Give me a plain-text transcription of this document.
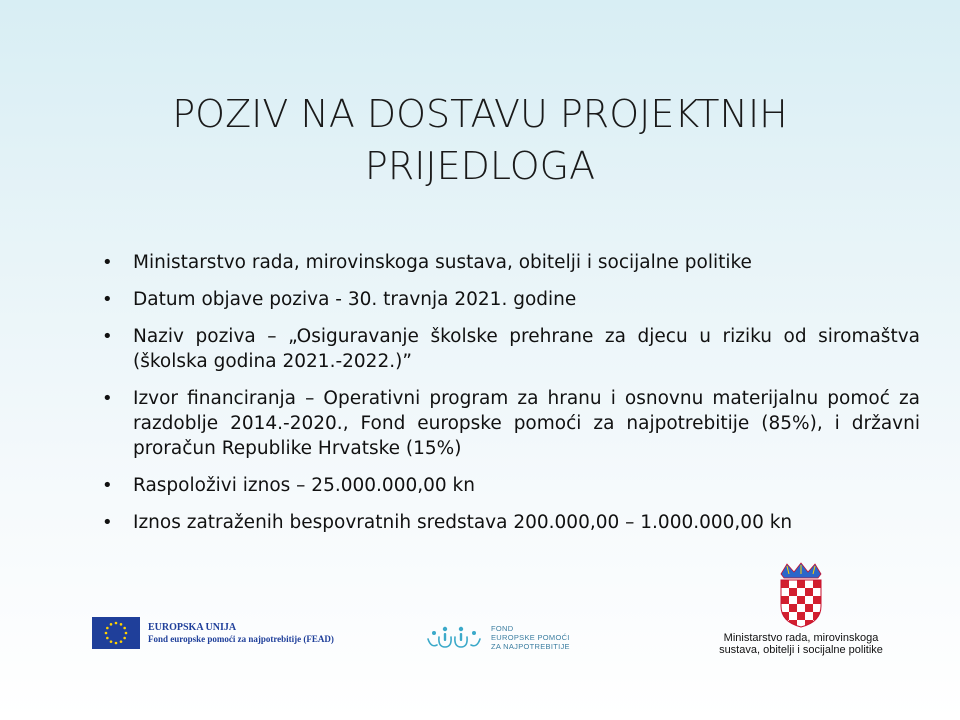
POZIV NA DOSTAVU PROJEKTNIH
PRIJEDLOGA
• Ministarstvo rada, mirovinskoga sustava, obitelji i socijalne politike
• Datum objave poziva - 30. travnja 2021. godine
• Naziv poziva – „Osiguravanje školske prehrane za djecu u riziku od siromaštva (školska godina 2021.-2022.)”
• Izvor financiranja – Operativni program za hranu i osnovnu materijalnu pomoć za razdoblje 2014.-2020., Fond europske pomoći za najpotrebitije (85%), i državni proračun Republike Hrvatske (15%)
• Raspoloživi iznos – 25.000.000,00 kn
• Iznos zatraženih bespovratnih sredstava 200.000,00 – 1.000.000,00 kn
EUROPSKA UNIJA
Fond europske pomoći za najpotrebitije (FEAD)
FOND
EUROPSKE POMOĆI
ZA NAJPOTREBITIJE
Ministarstvo rada, mirovinskoga
sustava, obitelji i socijalne politike
